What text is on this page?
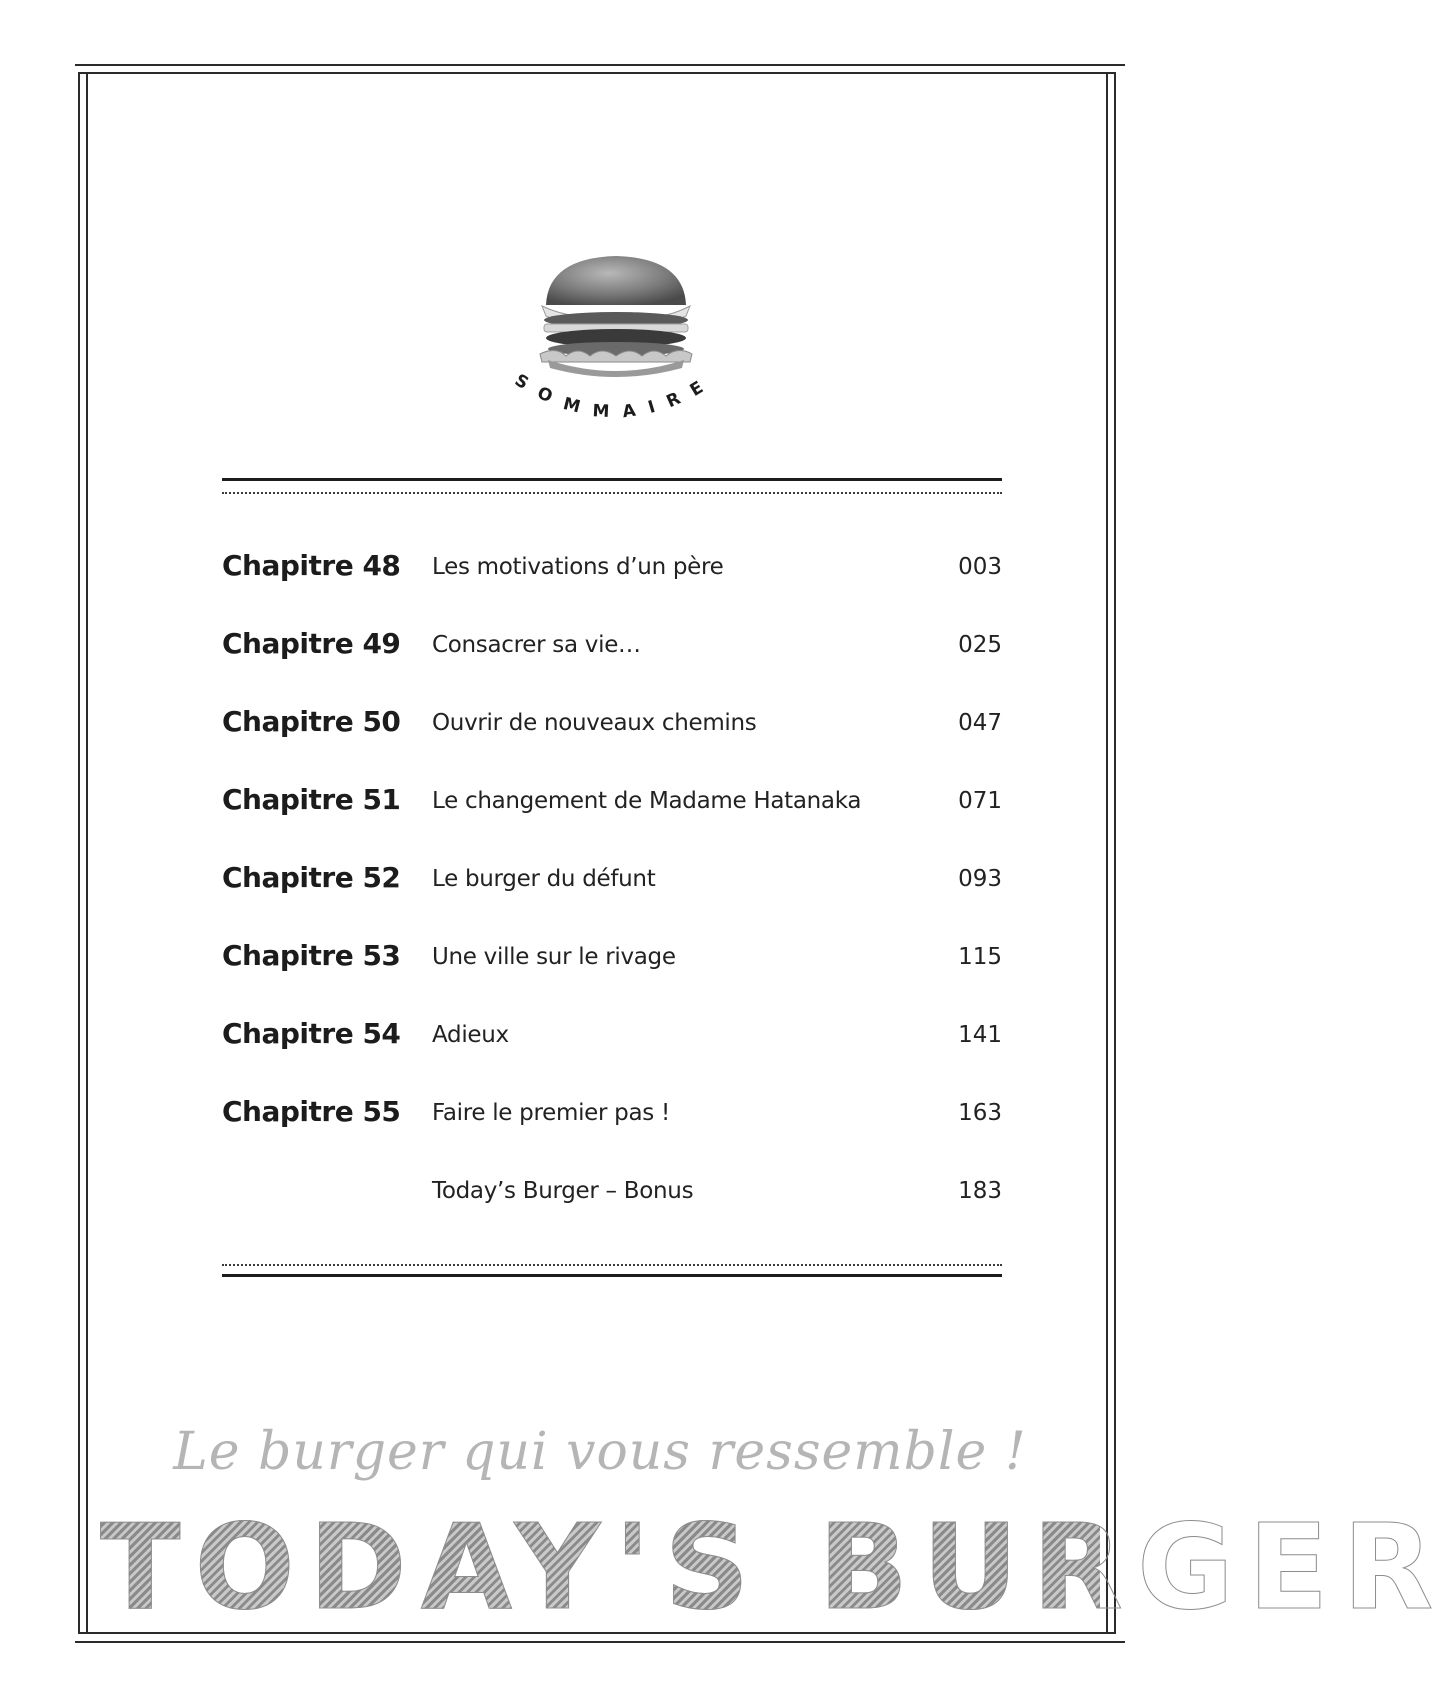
SOMMAIRE
Chapitre 48 Les motivations d’un père	003
Chapitre 49 Consacrer sa vie…	025
Chapitre 50 Ouvrir de nouveaux chemins	047
Chapitre 51 Le changement de Madame Hatanaka	071
Chapitre 52 Le burger du défunt	093
Chapitre 53 Une ville sur le rivage	115
Chapitre 54 Adieux	141
Chapitre 55 Faire le premier pas !	163
Today’s Burger – Bonus	183
Le burger qui vous ressemble !
TODAY'S BURGER
